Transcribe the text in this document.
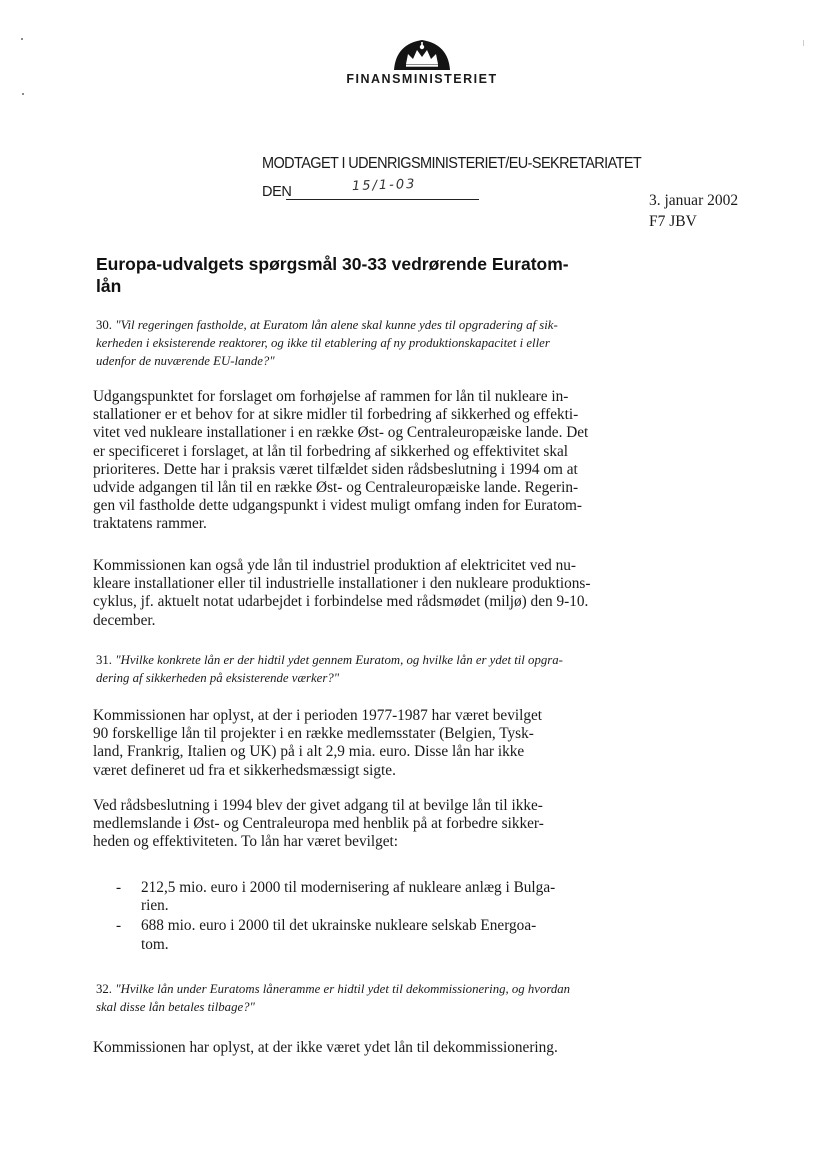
FINANSMINISTERIET
MODTAGET I UDENRIGSMINISTERIET/EU-SEKRETARIATET
DEN	15/1-03
3. januar 2002
F7 JBV
Europa-udvalgets spørgsmål 30-33 vedrørende Euratom-
lån
30. "Vil regeringen fastholde, at Euratom lån alene skal kunne ydes til opgradering af sik-
kerheden i eksisterende reaktorer, og ikke til etablering af ny produktionskapacitet i eller
udenfor de nuværende EU-lande?"
Udgangspunktet for forslaget om forhøjelse af rammen for lån til nukleare in-
stallationer er et behov for at sikre midler til forbedring af sikkerhed og effekti-
vitet ved nukleare installationer i en række Øst- og Centraleuropæiske lande. Det
er specificeret i forslaget, at lån til forbedring af sikkerhed og effektivitet skal
prioriteres. Dette har i praksis været tilfældet siden rådsbeslutning i 1994 om at
udvide adgangen til lån til en række Øst- og Centraleuropæiske lande. Regerin-
gen vil fastholde dette udgangspunkt i videst muligt omfang inden for Euratom-
traktatens rammer.
Kommissionen kan også yde lån til industriel produktion af elektricitet ved nu-
kleare installationer eller til industrielle installationer i den nukleare produktions-
cyklus, jf. aktuelt notat udarbejdet i forbindelse med rådsmødet (miljø) den 9-10.
december.
31. "Hvilke konkrete lån er der hidtil ydet gennem Euratom, og hvilke lån er ydet til opgra-
dering af sikkerheden på eksisterende værker?"
Kommissionen har oplyst, at der i perioden 1977-1987 har været bevilget
90 forskellige lån til projekter i en række medlemsstater (Belgien, Tysk-
land, Frankrig, Italien og UK) på i alt 2,9 mia. euro. Disse lån har ikke
været defineret ud fra et sikkerhedsmæssigt sigte.
Ved rådsbeslutning i 1994 blev der givet adgang til at bevilge lån til ikke-
medlemslande i Øst- og Centraleuropa med henblik på at forbedre sikker-
heden og effektiviteten. To lån har været bevilget:
- 212,5 mio. euro i 2000 til modernisering af nukleare anlæg i Bulga-
rien.
- 688 mio. euro i 2000 til det ukrainske nukleare selskab Energoa-
tom.
32. "Hvilke lån under Euratoms låneramme er hidtil ydet til dekommissionering, og hvordan
skal disse lån betales tilbage?"
Kommissionen har oplyst, at der ikke været ydet lån til dekommissionering.
